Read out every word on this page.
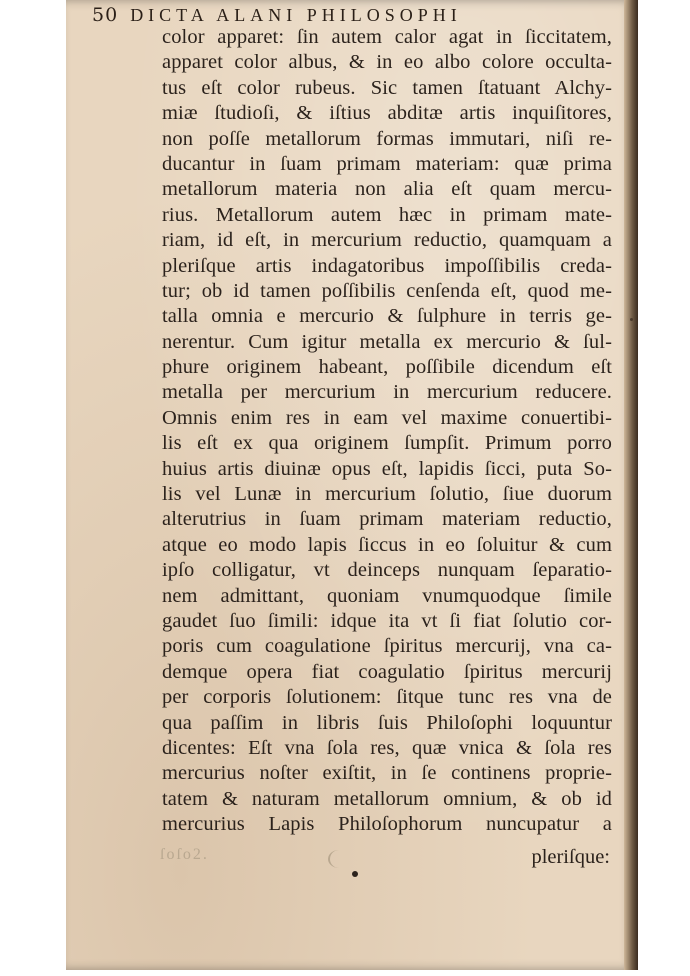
50 DICTA ALANI PHILOSOPHI
color apparet: ſin autem calor agat in ſiccitatem,
apparet color albus, & in eo albo colore occulta-
tus eſt color rubeus. Sic tamen ſtatuant Alchy-
miæ ſtudioſi, & iſtius abditæ artis inquiſitores,
non poſſe metallorum formas immutari, niſi re-
ducantur in ſuam primam materiam: quæ prima
metallorum materia non alia eſt quam mercu-
rius. Metallorum autem hæc in primam mate-
riam, id eſt, in mercurium reductio, quamquam a
pleriſque artis indagatoribus impoſſibilis creda-
tur; ob id tamen poſſibilis cenſenda eſt, quod me-
talla omnia e mercurio & ſulphure in terris ge-
nerentur. Cum igitur metalla ex mercurio & ſul-
phure originem habeant, poſſibile dicendum eſt
metalla per mercurium in mercurium reducere.
Omnis enim res in eam vel maxime conuertibi-
lis eſt ex qua originem ſumpſit. Primum porro
huius artis diuinæ opus eſt, lapidis ſicci, puta So-
lis vel Lunæ in mercurium ſolutio, ſiue duorum
alterutrius in ſuam primam materiam reductio,
atque eo modo lapis ſiccus in eo ſoluitur & cum
ipſo colligatur, vt deinceps nunquam ſeparatio-
nem admittant, quoniam vnumquodque ſimile
gaudet ſuo ſimili: idque ita vt ſi fiat ſolutio cor-
poris cum coagulatione ſpiritus mercurij, vna ca-
demque opera fiat coagulatio ſpiritus mercurij
per corporis ſolutionem: ſitque tunc res vna de
qua paſſim in libris ſuis Philoſophi loquuntur
dicentes: Eſt vna ſola res, quæ vnica & ſola res
mercurius noſter exiſtit, in ſe continens proprie-
tatem & naturam metallorum omnium, & ob id
mercurius Lapis Philoſophorum nuncupatur a
ſoſo2.	pleriſque:
